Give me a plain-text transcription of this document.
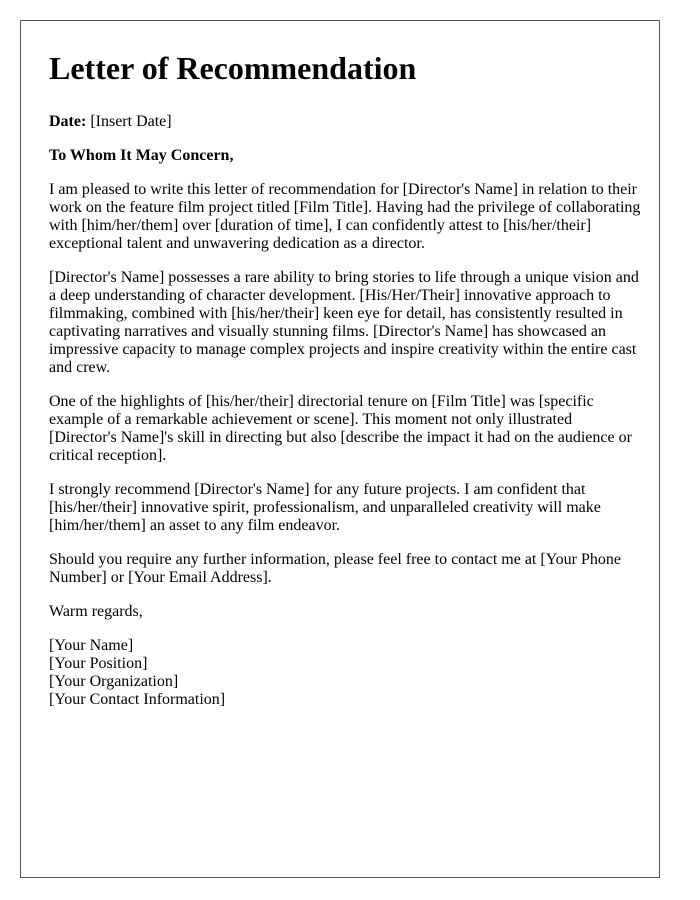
Letter of Recommendation

Date: [Insert Date]

To Whom It May Concern,

I am pleased to write this letter of recommendation for [Director's Name] in relation to their work on the feature film project titled [Film Title]. Having had the privilege of collaborating with [him/her/them] over [duration of time], I can confidently attest to [his/her/their] exceptional talent and unwavering dedication as a director.

[Director's Name] possesses a rare ability to bring stories to life through a unique vision and a deep understanding of character development. [His/Her/Their] innovative approach to filmmaking, combined with [his/her/their] keen eye for detail, has consistently resulted in captivating narratives and visually stunning films. [Director's Name] has showcased an impressive capacity to manage complex projects and inspire creativity within the entire cast and crew.

One of the highlights of [his/her/their] directorial tenure on [Film Title] was [specific example of a remarkable achievement or scene]. This moment not only illustrated [Director's Name]'s skill in directing but also [describe the impact it had on the audience or critical reception].

I strongly recommend [Director's Name] for any future projects. I am confident that [his/her/their] innovative spirit, professionalism, and unparalleled creativity will make [him/her/them] an asset to any film endeavor.

Should you require any further information, please feel free to contact me at [Your Phone Number] or [Your Email Address].

Warm regards,

[Your Name]
[Your Position]
[Your Organization]
[Your Contact Information]
